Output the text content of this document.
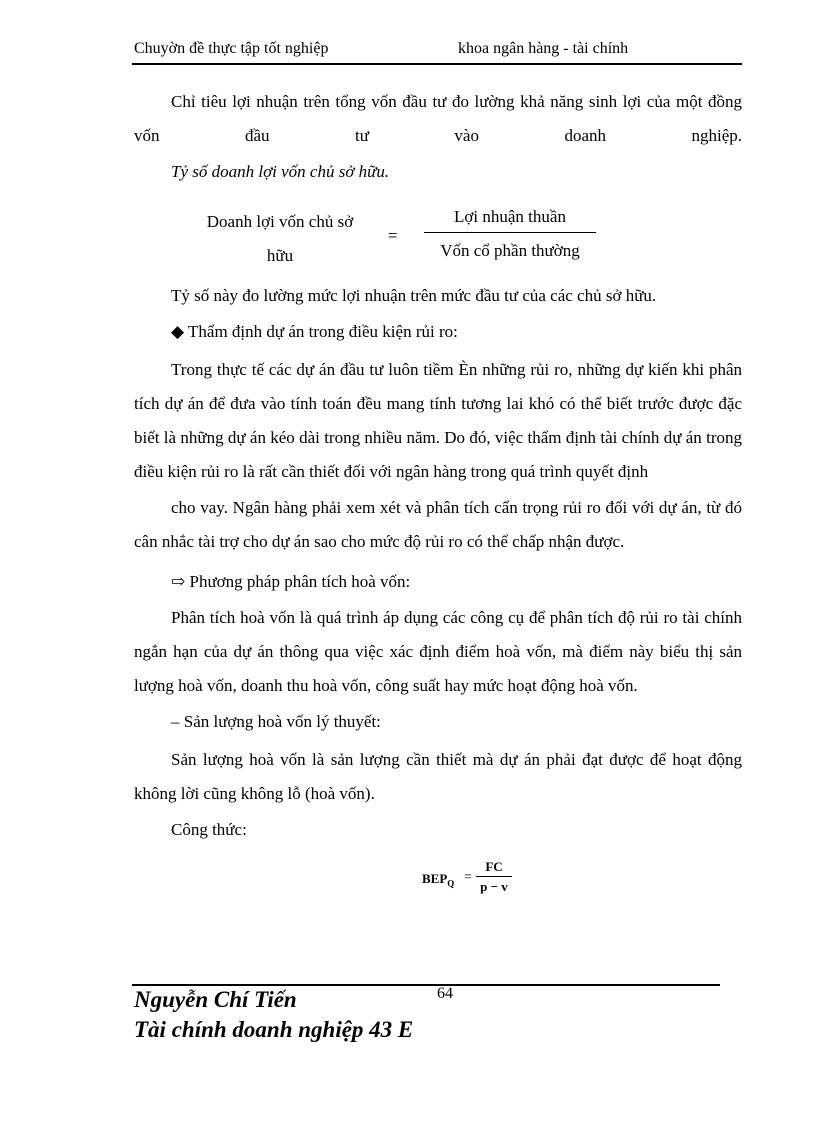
Chuyờn đề thực tập tốt nghiệp	khoa ngân hàng - tài chính

Chỉ tiêu lợi nhuận trên tổng vốn đầu tư đo lường khả năng sinh lợi của một đồng vốn đầu tư vào doanh nghiệp.

Tỷ số doanh lợi vốn chủ sở hữu.

Doanh lợi vốn chủ sở
hữu
=
Lợi nhuận thuần
Vốn cổ phần thường

Tỷ số này đo lường mức lợi nhuận trên mức đầu tư của các chủ sở hữu.

◆ Thẩm định dự án trong điều kiện rủi ro:

Trong thực tế các dự án đầu tư luôn tiềm Èn những rủi ro, những dự kiến khi phân tích dự án để đưa vào tính toán đều mang tính tương lai khó có thể biết trước được đặc biết là những dự án kéo dài trong nhiều năm. Do đó, việc thẩm định tài chính dự án trong điều kiện rủi ro là rất cần thiết đối với ngân hàng trong quá trình quyết định

cho vay. Ngân hàng phải xem xét và phân tích cẩn trọng rủi ro đối với dự án, từ đó cân nhắc tài trợ cho dự án sao cho mức độ rủi ro có thể chấp nhận được.

⇨ Phương pháp phân tích hoà vốn:

Phân tích hoà vốn là quá trình áp dụng các công cụ để phân tích độ rủi ro tài chính ngắn hạn của dự án thông qua việc xác định điểm hoà vốn, mà điểm này biểu thị sản lượng hoà vốn, doanh thu hoà vốn, công suất hay mức hoạt động hoà vốn.

– Sản lượng hoà vốn lý thuyết:

Sản lượng hoà vốn là sản lượng cần thiết mà dự án phải đạt được để hoạt động không lời cũng không lỗ (hoà vốn).

Công thức:

$BEP_Q = \frac{FC}{p - v}$
64
Nguyễn Chí Tiến
Tài chính doanh nghiệp 43 E
